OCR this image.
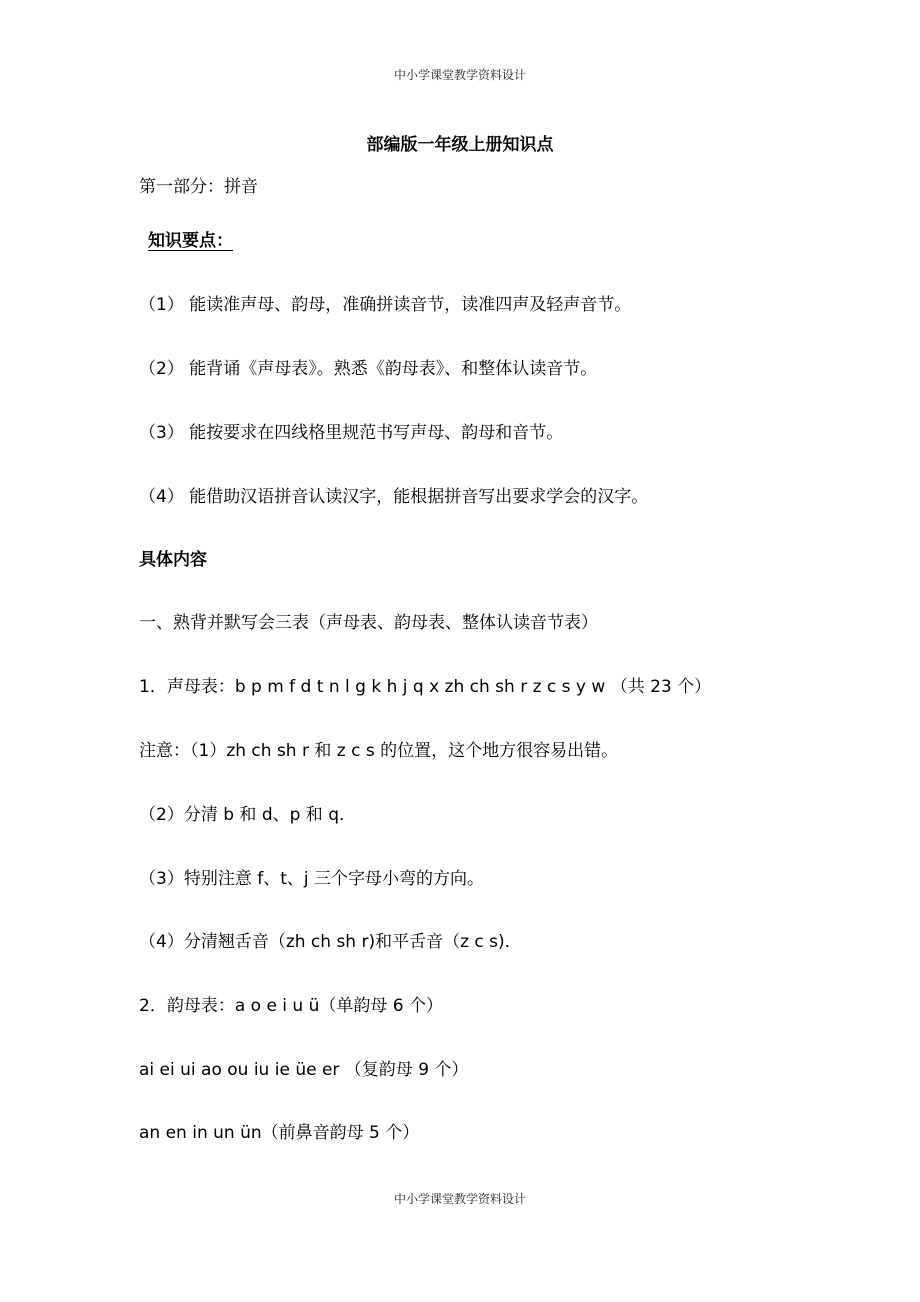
中小学课堂教学资料设计
部编版一年级上册知识点
第一部分：拼音
知识要点：
（1） 能读准声母、韵母，准确拼读音节，读准四声及轻声音节。
（2） 能背诵《声母表》。熟悉《韵母表》、和整体认读音节。
（3） 能按要求在四线格里规范书写声母、韵母和音节。
（4） 能借助汉语拼音认读汉字，能根据拼音写出要求学会的汉字。
具体内容
一、熟背并默写会三表（声母表、韵母表、整体认读音节表）
1．声母表：b p m f d t n l g k h j q x zh ch sh r z c s y w （共 23 个）
注意：（1）zh ch sh r 和 z c s 的位置，这个地方很容易出错。
（2）分清 b 和 d、p 和 q.
（3）特别注意 f、t、j 三个字母小弯的方向。
（4）分清翘舌音（zh ch sh r)和平舌音（z c s).
2．韵母表：a o e i u ü（单韵母 6 个）
ai ei ui ao ou iu ie üe er （复韵母 9 个）
an en in un ün（前鼻音韵母 5 个）
中小学课堂教学资料设计
